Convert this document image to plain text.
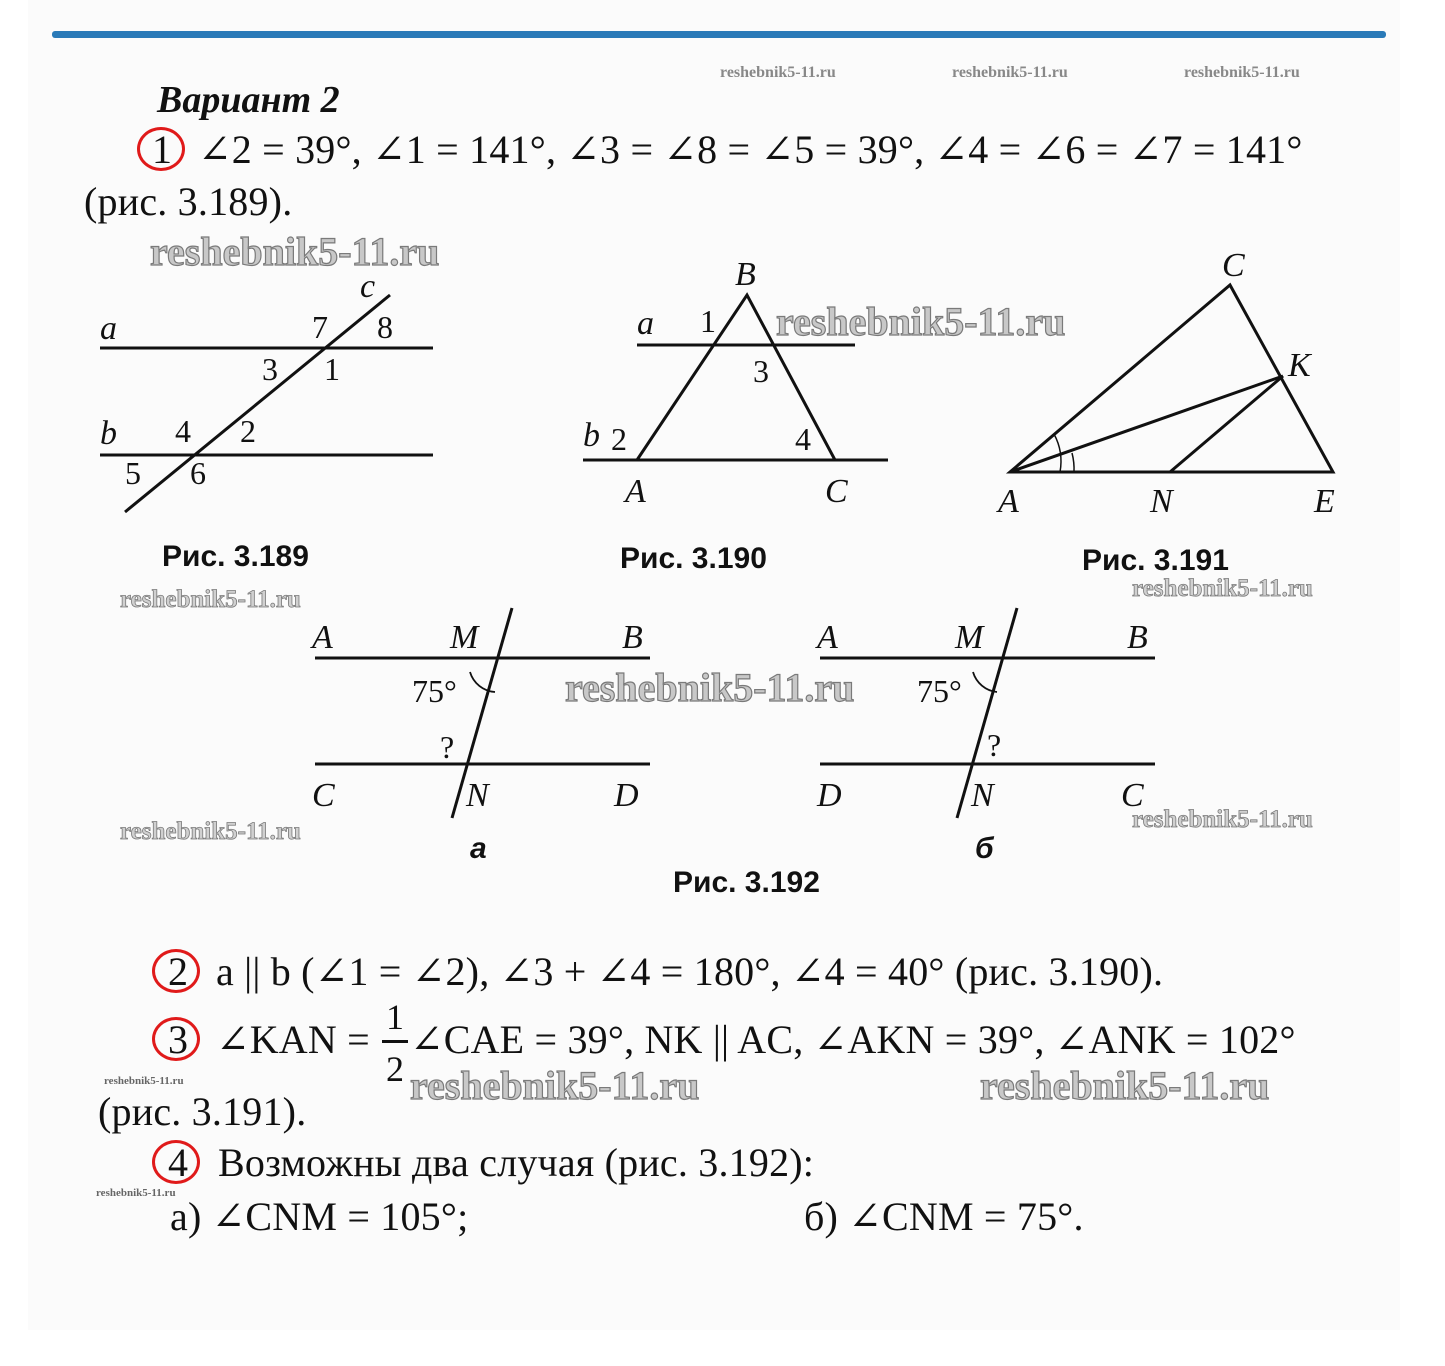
reshebnik5-11.ru	reshebnik5-11.ru	reshebnik5-11.ru
Вариант 2
1 ∠2 = 39°, ∠1 = 141°, ∠3 = ∠8 = ∠5 = 39°, ∠4 = ∠6 = ∠7 = 141°
(рис. 3.189).
reshebnik5-11.ru
a
b
c
7 8
3 1
4 2
5 6
Рис. 3.189
B
a
b
A	C
1
3
2	4
reshebnik5-11.ru
Рис. 3.190
C
K
A	N	E
Рис. 3.191
reshebnik5-11.ru	reshebnik5-11.ru
A	M	B
C	N	D
75°
?
а
A	M	B
D	N	C
75°
?
б
reshebnik5-11.ru
reshebnik5-11.ru	reshebnik5-11.ru
Рис. 3.192
2 a || b (∠1 = ∠2), ∠3 + ∠4 = 180°, ∠4 = 40° (рис. 3.190).
3 ∠KAN = 1
2
∠CAE = 39°, NK || AC, ∠AKN = 39°, ∠ANK = 102°
reshebnik5-11.ru	reshebnik5-11.ru	reshebnik5-11.ru
(рис. 3.191).
4 Возможны два случая (рис. 3.192):
reshebnik5-11.ru
а) ∠CNM = 105°;	б) ∠CNM = 75°.
